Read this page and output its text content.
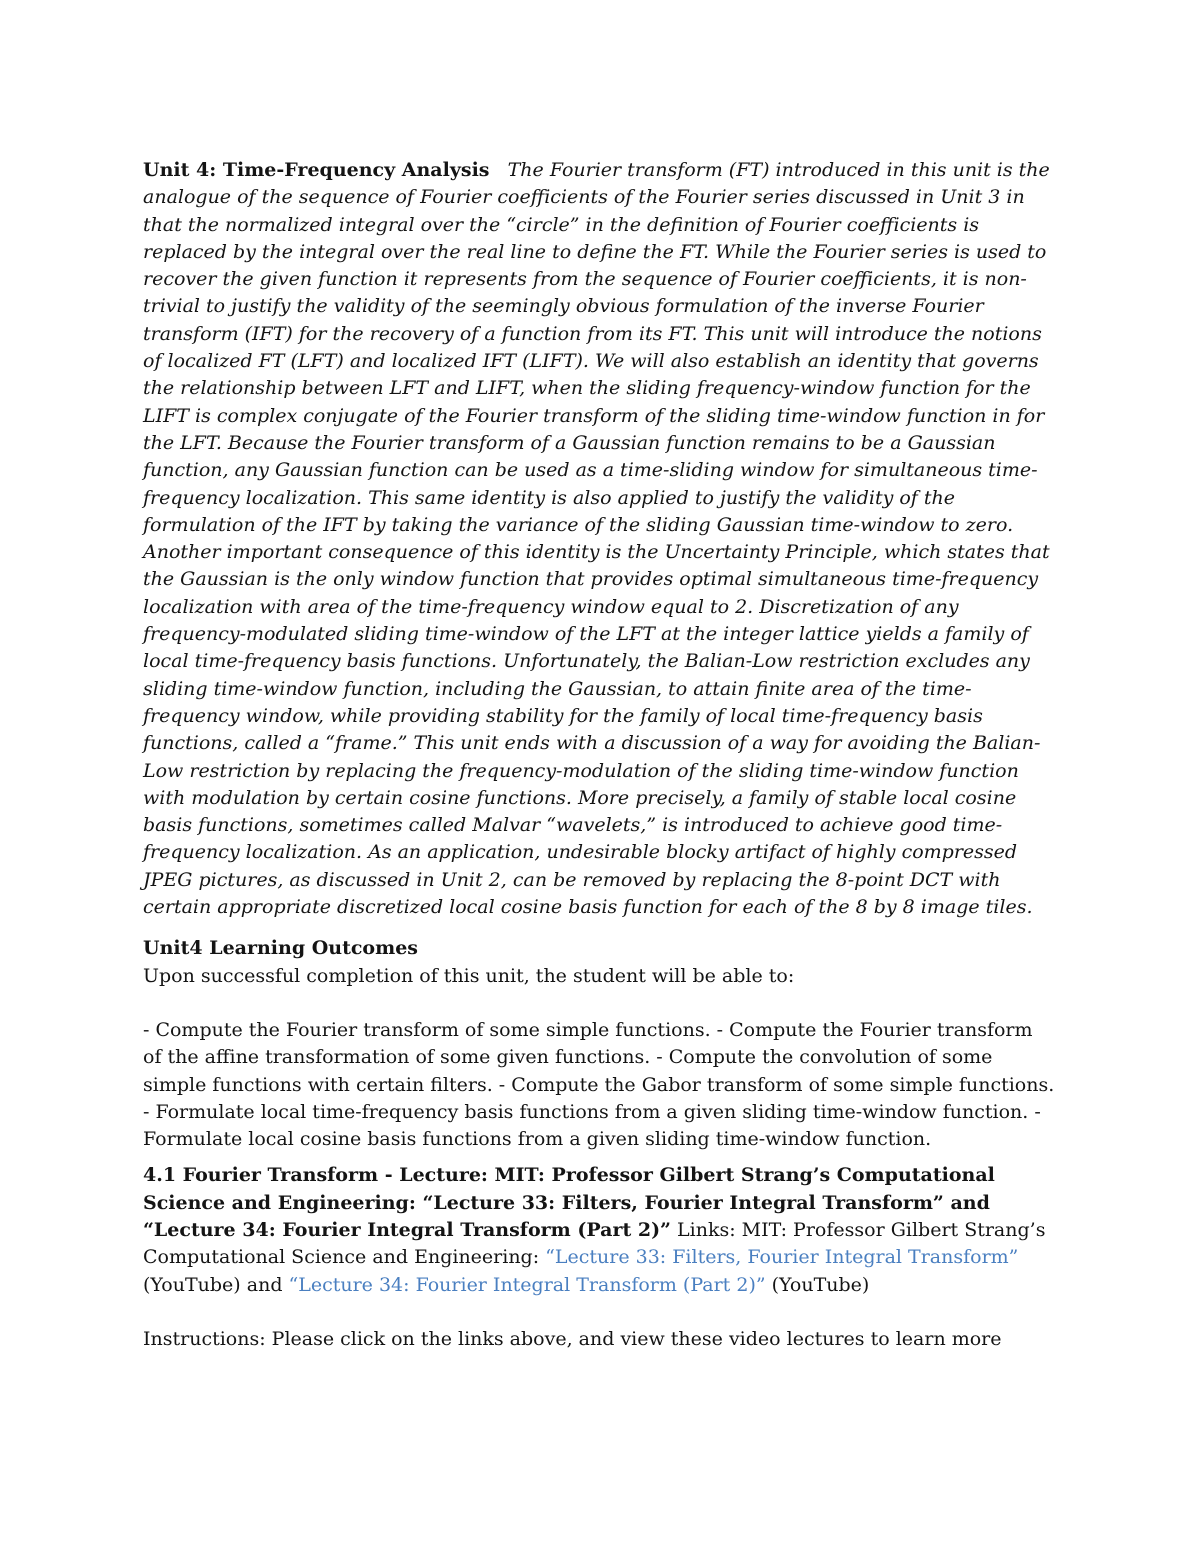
Unit 4: Time-Frequency Analysis The Fourier transform (FT) introduced in this unit is the analogue of the sequence of Fourier coefficients of the Fourier series discussed in Unit 3 in that the normalized integral over the “circle” in the definition of Fourier coefficients is replaced by the integral over the real line to define the FT. While the Fourier series is used to recover the given function it represents from the sequence of Fourier coefficients, it is non-trivial to justify the validity of the seemingly obvious formulation of the inverse Fourier transform (IFT) for the recovery of a function from its FT. This unit will introduce the notions of localized FT (LFT) and localized IFT (LIFT). We will also establish an identity that governs the relationship between LFT and LIFT, when the sliding frequency-window function for the LIFT is complex conjugate of the Fourier transform of the sliding time-window function in for the LFT. Because the Fourier transform of a Gaussian function remains to be a Gaussian function, any Gaussian function can be used as a time-sliding window for simultaneous time-frequency localization. This same identity is also applied to justify the validity of the formulation of the IFT by taking the variance of the sliding Gaussian time-window to zero. Another important consequence of this identity is the Uncertainty Principle, which states that the Gaussian is the only window function that provides optimal simultaneous time-frequency localization with area of the time-frequency window equal to 2. Discretization of any frequency-modulated sliding time-window of the LFT at the integer lattice yields a family of local time-frequency basis functions. Unfortunately, the Balian-Low restriction excludes any sliding time-window function, including the Gaussian, to attain finite area of the time-frequency window, while providing stability for the family of local time-frequency basis functions, called a “frame.” This unit ends with a discussion of a way for avoiding the Balian-Low restriction by replacing the frequency-modulation of the sliding time-window function with modulation by certain cosine functions. More precisely, a family of stable local cosine basis functions, sometimes called Malvar “wavelets,” is introduced to achieve good time-frequency localization. As an application, undesirable blocky artifact of highly compressed JPEG pictures, as discussed in Unit 2, can be removed by replacing the 8-point DCT with certain appropriate discretized local cosine basis function for each of the 8 by 8 image tiles.

Unit4 Learning Outcomes

Upon successful completion of this unit, the student will be able to:

- Compute the Fourier transform of some simple functions. - Compute the Fourier transform of the affine transformation of some given functions. - Compute the convolution of some simple functions with certain filters. - Compute the Gabor transform of some simple functions. - Formulate local time-frequency basis functions from a given sliding time-window function. - Formulate local cosine basis functions from a given sliding time-window function.

4.1 Fourier Transform - Lecture: MIT: Professor Gilbert Strang’s Computational Science and Engineering: “Lecture 33: Filters, Fourier Integral Transform” and “Lecture 34: Fourier Integral Transform (Part 2)” Links: MIT: Professor Gilbert Strang’s Computational Science and Engineering: “Lecture 33: Filters, Fourier Integral Transform” (YouTube) and “Lecture 34: Fourier Integral Transform (Part 2)” (YouTube)

Instructions: Please click on the links above, and view these video lectures to learn more
